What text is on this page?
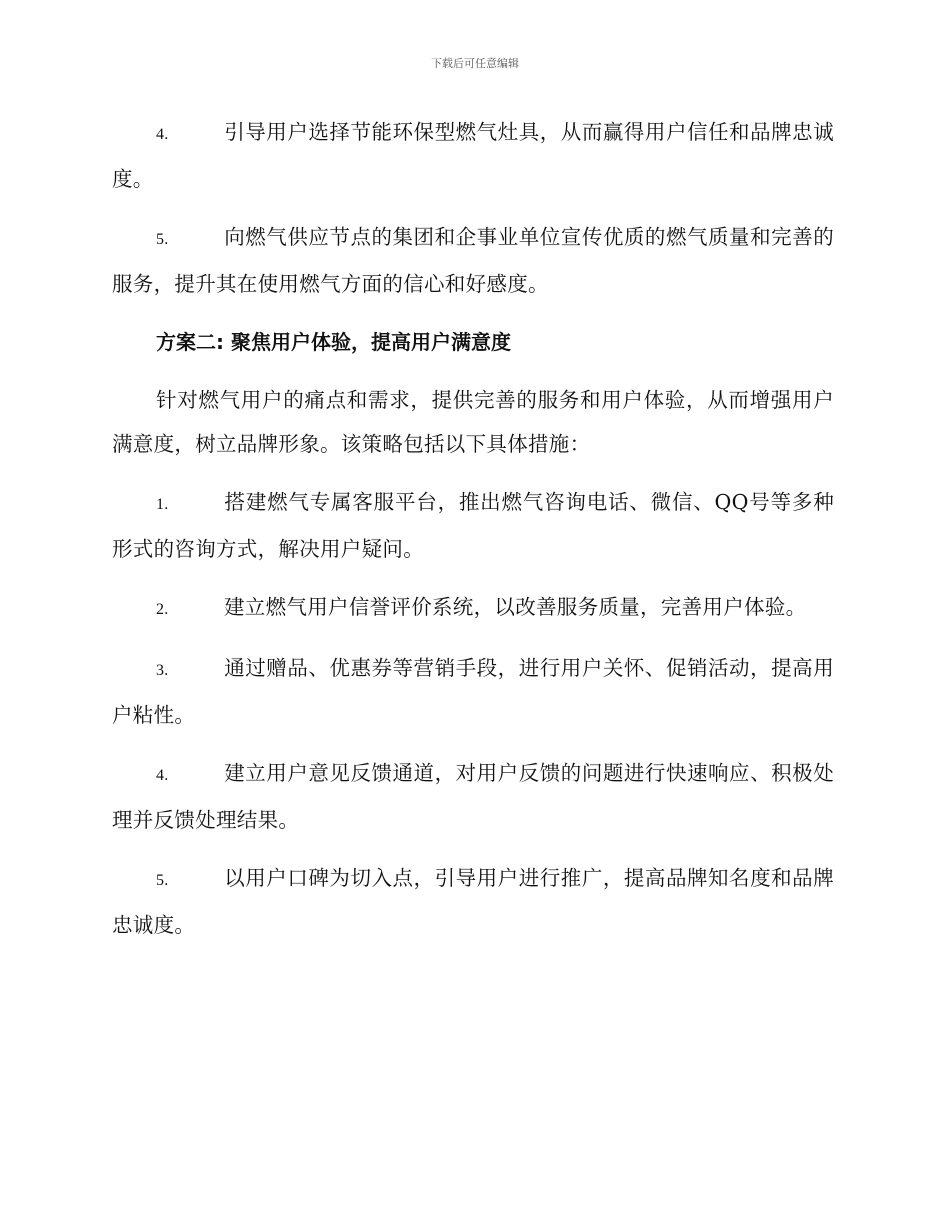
下载后可任意编辑

4.	引导用户选择节能环保型燃气灶具，从而赢得用户信任和品牌忠诚度。

5.	向燃气供应节点的集团和企事业单位宣传优质的燃气质量和完善的服务，提升其在使用燃气方面的信心和好感度。

方案二: 聚焦用户体验，提高用户满意度

针对燃气用户的痛点和需求，提供完善的服务和用户体验，从而增强用户满意度，树立品牌形象。该策略包括以下具体措施：

1.	搭建燃气专属客服平台，推出燃气咨询电话、微信、QQ号等多种形式的咨询方式，解决用户疑问。

2.	建立燃气用户信誉评价系统，以改善服务质量，完善用户体验。

3.	通过赠品、优惠券等营销手段，进行用户关怀、促销活动，提高用户粘性。

4.	建立用户意见反馈通道，对用户反馈的问题进行快速响应、积极处理并反馈处理结果。

5.	以用户口碑为切入点，引导用户进行推广，提高品牌知名度和品牌忠诚度。
